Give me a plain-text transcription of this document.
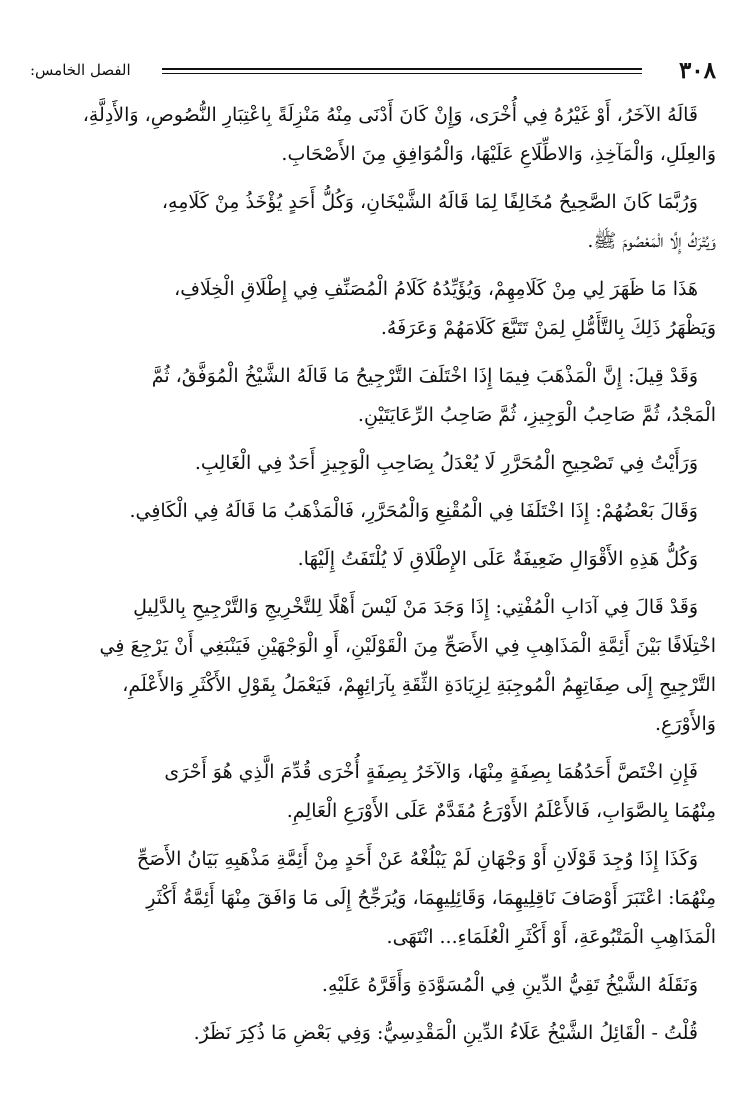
٣٠٨
الفصل الخامس:
قَالَهُ الآخَرُ، أَوْ غَيْرُهُ فِي أُخْرَى، وَإِنْ كَانَ أَدْنَى مِنْهُ مَنْزِلَةً بِاعْتِبَارِ النُّصُوصِ، وَالأَدِلَّةِ،
وَالعِلَلِ، وَالْمَآخِذِ، وَالاطِّلَاعِ عَلَيْهَا، وَالْمُوَافِقِ مِنَ الأَصْحَابِ.
وَرُبَّمَا كَانَ الصَّحِيحُ مُخَالِفًا لِمَا قَالَهُ الشَّيْخَانِ، وَكُلُّ أَحَدٍ يُؤْخَذُ مِنْ كَلَامِهِ،
وَيُتْرَكُ إِلَّا الْمَعْصُومَ ﷺ.
هَذَا مَا ظَهَرَ لِي مِنْ كَلَامِهِمْ، وَيُؤَيِّدُهُ كَلَامُ الْمُصَنِّفِ فِي إِطْلَاقِ الْخِلَافِ،
وَيَظْهَرُ ذَلِكَ بِالتَّأَمُّلِ لِمَنْ تَتَبَّعَ كَلَامَهُمْ وَعَرَفَهُ.
وَقَدْ قِيلَ: إِنَّ الْمَذْهَبَ فِيمَا إِذَا اخْتَلَفَ التَّرْجِيحُ مَا قَالَهُ الشَّيْخُ الْمُوَفَّقُ، ثُمَّ
الْمَجْدُ، ثُمَّ صَاحِبُ الْوَجِيزِ، ثُمَّ صَاحِبُ الرِّعَايَتَيْنِ.
وَرَأَيْتُ فِي تَصْحِيحِ الْمُحَرَّرِ لَا يُعْدَلُ بِصَاحِبِ الْوَجِيزِ أَحَدٌ فِي الْغَالِبِ.
وَقَالَ بَعْضُهُمْ: إِذَا اخْتَلَفَا فِي الْمُقْنِعِ وَالْمُحَرَّرِ، فَالْمَذْهَبُ مَا قَالَهُ فِي الْكَافِي.
وَكُلُّ هَذِهِ الأَقْوَالِ ضَعِيفَةٌ عَلَى الإِطْلَاقِ لَا يُلْتَفَتُ إِلَيْهَا.
وَقَدْ قَالَ فِي آدَابِ الْمُفْتِي: إِذَا وَجَدَ مَنْ لَيْسَ أَهْلًا لِلتَّخْرِيجِ وَالتَّرْجِيحِ بِالدَّلِيلِ
اخْتِلَافًا بَيْنَ أَئِمَّةِ الْمَذَاهِبِ فِي الأَصَحِّ مِنَ الْقَوْلَيْنِ، أَوِ الْوَجْهَيْنِ فَيَنْبَغِي أَنْ يَرْجِعَ فِي
التَّرْجِيحِ إِلَى صِفَاتِهِمُ الْمُوجِبَةِ لِزِيَادَةِ الثِّقَةِ بِآرَائِهِمْ، فَيَعْمَلُ بِقَوْلِ الأَكْثَرِ وَالأَعْلَمِ،
وَالأَوْرَعِ.
فَإِنِ اخْتَصَّ أَحَدُهُمَا بِصِفَةٍ مِنْهَا، وَالآخَرُ بِصِفَةٍ أُخْرَى قُدِّمَ الَّذِي هُوَ أَحْرَى
مِنْهُمَا بِالصَّوَابِ، فَالأَعْلَمُ الأَوْرَعُ مُقَدَّمٌ عَلَى الأَوْرَعِ الْعَالِمِ.
وَكَذَا إِذَا وُجِدَ قَوْلَانِ أَوْ وَجْهَانِ لَمْ يَبْلُغْهُ عَنْ أَحَدٍ مِنْ أَئِمَّةِ مَذْهَبِهِ بَيَانُ الأَصَحِّ
مِنْهُمَا: اعْتَبَرَ أَوْصَافَ نَاقِلِيهِمَا، وَقَائِلِيهِمَا، وَيُرَجِّحُ إِلَى مَا وَافَقَ مِنْهَا أَئِمَّةُ أَكْثَرِ
الْمَذَاهِبِ الْمَتْبُوعَةِ، أَوْ أَكْثَرِ الْعُلَمَاءِ... انْتَهَى.
وَنَقَلَهُ الشَّيْخُ تَقِيُّ الدِّينِ فِي الْمُسَوَّدَةِ وَأَقَرَّهُ عَلَيْهِ.
قُلْتُ - الْقَائِلُ الشَّيْخُ عَلَاءُ الدِّينِ الْمَقْدِسِيُّ: وَفِي بَعْضِ مَا ذُكِرَ نَظَرٌ.
